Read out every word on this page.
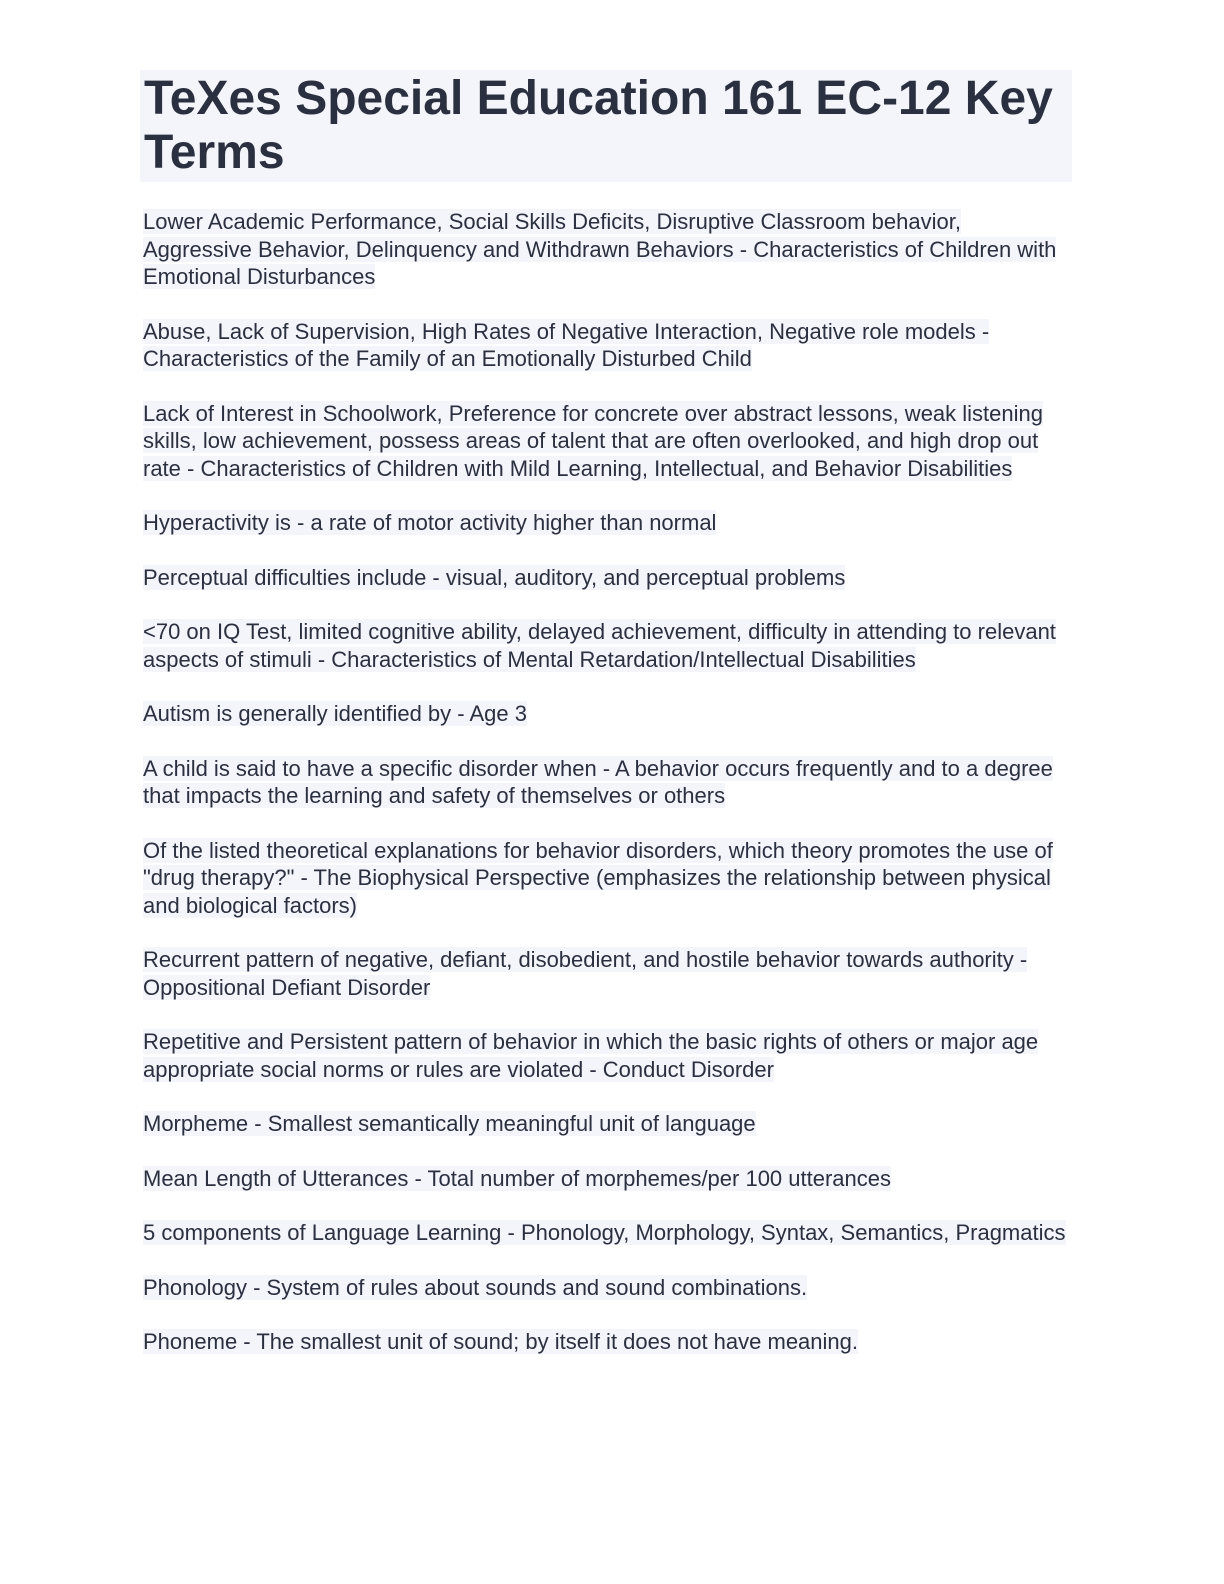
TeXes Special Education 161 EC-12 Key Terms
Lower Academic Performance, Social Skills Deficits, Disruptive Classroom behavior, Aggressive Behavior, Delinquency and Withdrawn Behaviors - Characteristics of Children with Emotional Disturbances
Abuse, Lack of Supervision, High Rates of Negative Interaction, Negative role models - Characteristics of the Family of an Emotionally Disturbed Child
Lack of Interest in Schoolwork, Preference for concrete over abstract lessons, weak listening skills, low achievement, possess areas of talent that are often overlooked, and high drop out rate - Characteristics of Children with Mild Learning, Intellectual, and Behavior Disabilities
Hyperactivity is - a rate of motor activity higher than normal
Perceptual difficulties include - visual, auditory, and perceptual problems
<70 on IQ Test, limited cognitive ability, delayed achievement, difficulty in attending to relevant aspects of stimuli - Characteristics of Mental Retardation/Intellectual Disabilities
Autism is generally identified by - Age 3
A child is said to have a specific disorder when - A behavior occurs frequently and to a degree that impacts the learning and safety of themselves or others
Of the listed theoretical explanations for behavior disorders, which theory promotes the use of "drug therapy?" - The Biophysical Perspective (emphasizes the relationship between physical and biological factors)
Recurrent pattern of negative, defiant, disobedient, and hostile behavior towards authority - Oppositional Defiant Disorder
Repetitive and Persistent pattern of behavior in which the basic rights of others or major age appropriate social norms or rules are violated - Conduct Disorder
Morpheme - Smallest semantically meaningful unit of language
Mean Length of Utterances - Total number of morphemes/per 100 utterances
5 components of Language Learning - Phonology, Morphology, Syntax, Semantics, Pragmatics
Phonology - System of rules about sounds and sound combinations.
Phoneme - The smallest unit of sound; by itself it does not have meaning.
